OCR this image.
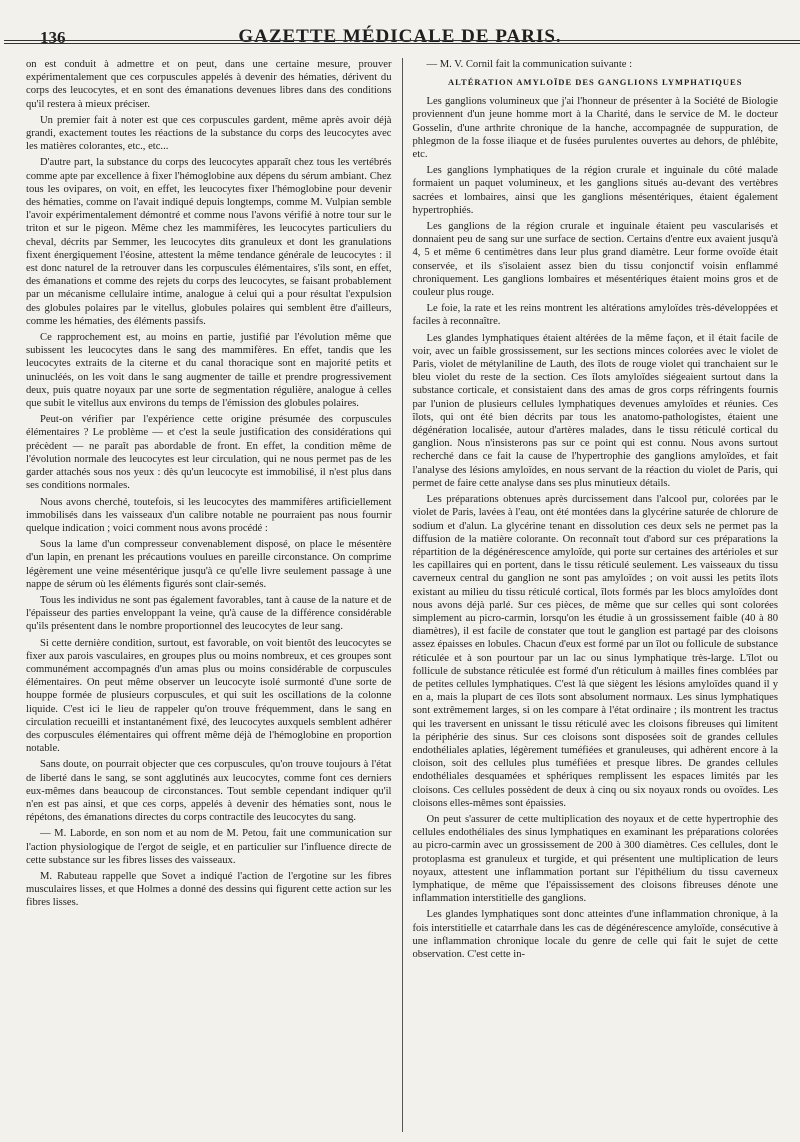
136	GAZETTE MÉDICALE DE PARIS.

on est conduit à admettre et on peut, dans une certaine mesure, prouver expérimentalement que ces corpuscules appelés à devenir des hématies, dérivent du corps des leucocytes, et en sont des émanations devenues libres dans des conditions qu'il restera à mieux préciser.

Un premier fait à noter est que ces corpuscules gardent, même après avoir déjà grandi, exactement toutes les réactions de la substance du corps des leucocytes avec les matières colorantes, etc., etc...

D'autre part, la substance du corps des leucocytes apparaît chez tous les vertébrés comme apte par excellence à fixer l'hémoglobine aux dépens du sérum ambiant. Chez tous les ovipares, on voit, en effet, les leucocytes fixer l'hémoglobine pour devenir des hématies, comme on l'avait indiqué depuis longtemps, comme M. Vulpian semble l'avoir expérimentalement démontré et comme nous l'avons vérifié à notre tour sur le triton et sur le pigeon. Même chez les mammifères, les leucocytes particuliers du cheval, décrits par Semmer, les leucocytes dits granuleux et dont les granulations fixent énergiquement l'éosine, attestent la même tendance générale de leucocytes : il est donc naturel de la retrouver dans les corpuscules élémentaires, s'ils sont, en effet, des émanations et comme des rejets du corps des leucocytes, se faisant probablement par un mécanisme cellulaire intime, analogue à celui qui a pour résultat l'expulsion des globules polaires par le vitellus, globules polaires qui semblent être d'ailleurs, comme les hématies, des éléments passifs.

Ce rapprochement est, au moins en partie, justifié par l'évolution même que subissent les leucocytes dans le sang des mammifères. En effet, tandis que les leucocytes extraits de la citerne et du canal thoracique sont en majorité petits et uninucléés, on les voit dans le sang augmenter de taille et prendre progressivement deux, puis quatre noyaux par une sorte de segmentation régulière, analogue à celles que subit le vitellus aux environs du temps de l'émission des globules polaires.

Peut-on vérifier par l'expérience cette origine présumée des corpuscules élémentaires ? Le problème — et c'est la seule justification des considérations qui précèdent — ne paraît pas abordable de front. En effet, la condition même de l'évolution normale des leucocytes est leur circulation, qui ne nous permet pas de les garder attachés sous nos yeux : dès qu'un leucocyte est immobilisé, il n'est plus dans ses conditions normales.

Nous avons cherché, toutefois, si les leucocytes des mammifères artificiellement immobilisés dans les vaisseaux d'un calibre notable ne pourraient pas nous fournir quelque indication ; voici comment nous avons procédé :

Sous la lame d'un compresseur convenablement disposé, on place le mésentère d'un lapin, en prenant les précautions voulues en pareille circonstance. On comprime légèrement une veine mésentérique jusqu'à ce qu'elle livre seulement passage à une nappe de sérum où les éléments figurés sont clair-semés.

Tous les individus ne sont pas également favorables, tant à cause de la nature et de l'épaisseur des parties enveloppant la veine, qu'à cause de la différence considérable qu'ils présentent dans le nombre proportionnel des leucocytes de leur sang.

Si cette dernière condition, surtout, est favorable, on voit bientôt des leucocytes se fixer aux parois vasculaires, en groupes plus ou moins nombreux, et ces groupes sont communément accompagnés d'un amas plus ou moins considérable de corpuscules élémentaires. On peut même observer un leucocyte isolé surmonté d'une sorte de houppe formée de plusieurs corpuscules, et qui suit les oscillations de la colonne liquide. C'est ici le lieu de rappeler qu'on trouve fréquemment, dans le sang en circulation recueilli et instantanément fixé, des leucocytes auxquels semblent adhérer des corpuscules élémentaires qui offrent même déjà de l'hémoglobine en proportion notable.

Sans doute, on pourrait objecter que ces corpuscules, qu'on trouve toujours à l'état de liberté dans le sang, se sont agglutinés aux leucocytes, comme font ces derniers eux-mêmes dans beaucoup de circonstances. Tout semble cependant indiquer qu'il n'en est pas ainsi, et que ces corps, appelés à devenir des hématies sont, nous le répétons, des émanations directes du corps contractile des leucocytes du sang.

— M. Laborde, en son nom et au nom de M. Petou, fait une communication sur l'action physiologique de l'ergot de seigle, et en particulier sur l'influence directe de cette substance sur les fibres lisses des vaisseaux.

M. Rabuteau rappelle que Sovet a indiqué l'action de l'ergotine sur les fibres musculaires lisses, et que Holmes a donné des dessins qui figurent cette action sur les fibres lisses.

— M. V. Cornil fait la communication suivante :

ALTÉRATION AMYLOÏDE DES GANGLIONS LYMPHATIQUES

Les ganglions volumineux que j'ai l'honneur de présenter à la Société de Biologie proviennent d'un jeune homme mort à la Charité, dans le service de M. le docteur Gosselin, d'une arthrite chronique de la hanche, accompagnée de suppuration, de phlegmon de la fosse iliaque et de fusées purulentes ouvertes au dehors, de phlébite, etc.

Les ganglions lymphatiques de la région crurale et inguinale du côté malade formaient un paquet volumineux, et les ganglions situés au-devant des vertèbres sacrées et lombaires, ainsi que les ganglions mésentériques, étaient également hypertrophiés.

Les ganglions de la région crurale et inguinale étaient peu vascularisés et donnaient peu de sang sur une surface de section. Certains d'entre eux avaient jusqu'à 4, 5 et même 6 centimètres dans leur plus grand diamètre. Leur forme ovoïde était conservée, et ils s'isolaient assez bien du tissu conjonctif voisin enflammé chroniquement. Les ganglions lombaires et mésentériques étaient moins gros et de couleur plus rouge.

Le foie, la rate et les reins montrent les altérations amyloïdes très-développées et faciles à reconnaître.

Les glandes lymphatiques étaient altérées de la même façon, et il était facile de voir, avec un faible grossissement, sur les sections minces colorées avec le violet de Paris, violet de métylaniline de Lauth, des îlots de rouge violet qui tranchaient sur le bleu violet du reste de la section. Ces îlots amyloïdes siégeaient surtout dans la substance corticale, et consistaient dans des amas de gros corps réfringents fournis par l'union de plusieurs cellules lymphatiques devenues amyloïdes et réunies. Ces îlots, qui ont été bien décrits par tous les anatomo-pathologistes, étaient une dégénération localisée, autour d'artères malades, dans le tissu réticulé cortical du ganglion. Nous n'insisterons pas sur ce point qui est connu. Nous avons surtout recherché dans ce fait la cause de l'hypertrophie des ganglions amyloïdes, et fait l'analyse des lésions amyloïdes, en nous servant de la réaction du violet de Paris, qui permet de faire cette analyse dans ses plus minutieux détails.

Les préparations obtenues après durcissement dans l'alcool pur, colorées par le violet de Paris, lavées à l'eau, ont été montées dans la glycérine saturée de chlorure de sodium et d'alun. La glycérine tenant en dissolution ces deux sels ne permet pas la diffusion de la matière colorante. On reconnaît tout d'abord sur ces préparations la répartition de la dégénérescence amyloïde, qui porte sur certaines des artérioles et sur les capillaires qui en portent, dans le tissu réticulé seulement. Les vaisseaux du tissu caverneux central du ganglion ne sont pas amyloïdes ; on voit aussi les petits îlots existant au milieu du tissu réticulé cortical, îlots formés par les blocs amyloïdes dont nous avons déjà parlé. Sur ces pièces, de même que sur celles qui sont colorées simplement au picro-carmin, lorsqu'on les étudie à un grossissement faible (40 à 80 diamètres), il est facile de constater que tout le ganglion est partagé par des cloisons assez épaisses en lobules. Chacun d'eux est formé par un îlot ou follicule de substance réticulée et à son pourtour par un lac ou sinus lymphatique très-large. L'îlot ou follicule de substance réticulée est formé d'un réticulum à mailles fines comblées par de petites cellules lymphatiques. C'est là que siègent les lésions amyloïdes quand il y en a, mais la plupart de ces îlots sont absolument normaux. Les sinus lymphatiques sont extrêmement larges, si on les compare à l'état ordinaire ; ils montrent les tractus qui les traversent en unissant le tissu réticulé avec les cloisons fibreuses qui limitent la périphérie des sinus. Sur ces cloisons sont disposées soit de grandes cellules endothéliales aplaties, légèrement tuméfiées et granuleuses, qui adhèrent encore à la cloison, soit des cellules plus tuméfiées et presque libres. De grandes cellules endothéliales desquamées et sphériques remplissent les espaces limités par les cloisons. Ces cellules possèdent de deux à cinq ou six noyaux ronds ou ovoïdes. Les cloisons elles-mêmes sont épaissies.

On peut s'assurer de cette multiplication des noyaux et de cette hypertrophie des cellules endothéliales des sinus lymphatiques en examinant les préparations colorées au picro-carmin avec un grossissement de 200 à 300 diamètres. Ces cellules, dont le protoplasma est granuleux et turgide, et qui présentent une multiplication de leurs noyaux, attestent une inflammation portant sur l'épithélium du tissu caverneux lymphatique, de même que l'épaississement des cloisons fibreuses dénote une inflammation interstitielle des ganglions.

Les glandes lymphatiques sont donc atteintes d'une inflammation chronique, à la fois interstitielle et catarrhale dans les cas de dégénérescence amyloïde, consécutive à une inflammation chronique locale du genre de celle qui fait le sujet de cette observation. C'est cette in-
